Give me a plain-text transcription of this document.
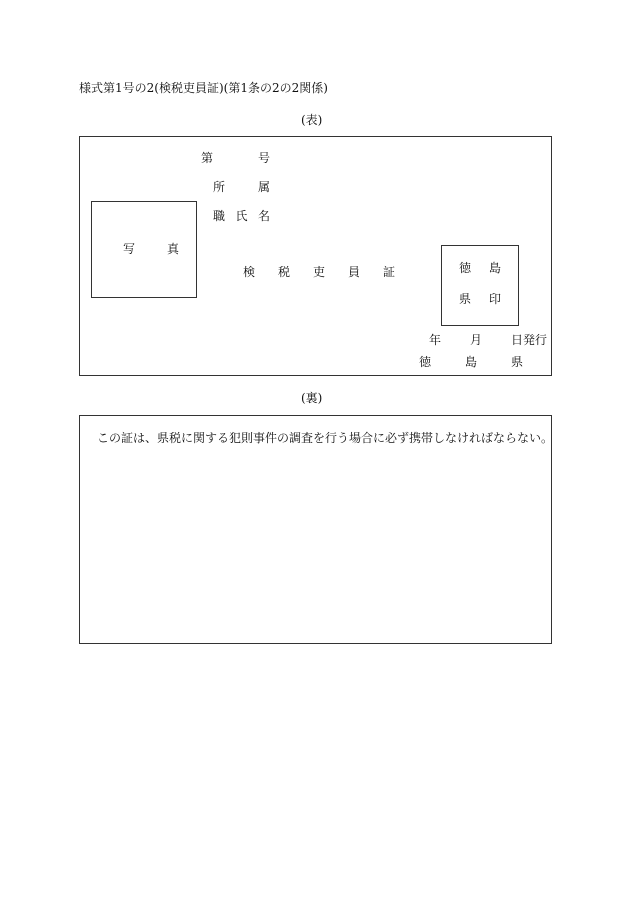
様式第1号の2(検税吏員証)(第1条の2の2関係)
(表)
第	号
所	属
職 氏 名
写	真
検 税 吏 員 証	徳 島
県 印
年 月 日発行
徳	島	県
(裏)
この証は、県税に関する犯則事件の調査を行う場合に必ず携帯しなければならない。
